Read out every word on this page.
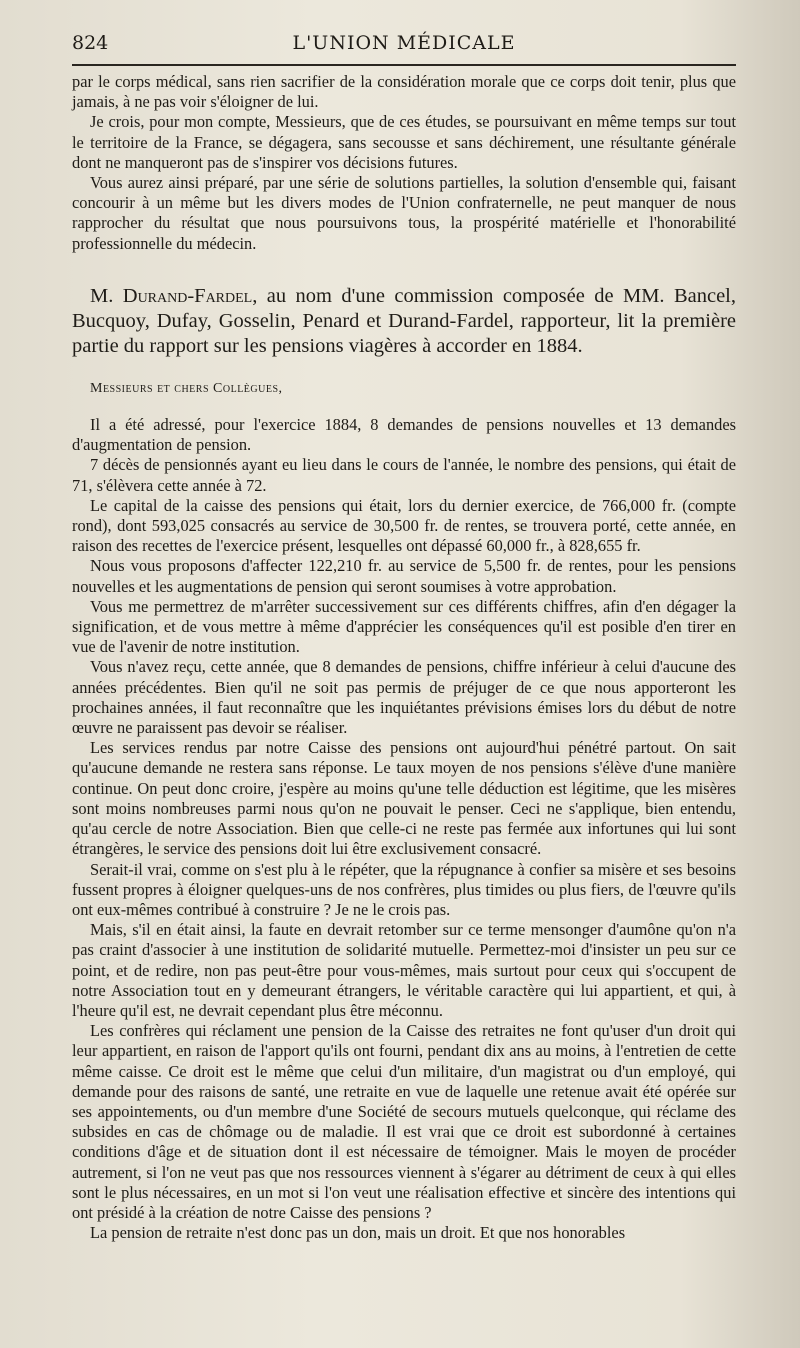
824	L'UNION MÉDICALE

par le corps médical, sans rien sacrifier de la considération morale que ce corps doit tenir, plus que jamais, à ne pas voir s'éloigner de lui.

Je crois, pour mon compte, Messieurs, que de ces études, se poursuivant en même temps sur tout le territoire de la France, se dégagera, sans secousse et sans déchirement, une résultante générale dont ne manqueront pas de s'inspirer vos décisions futures.

Vous aurez ainsi préparé, par une série de solutions partielles, la solution d'ensemble qui, faisant concourir à un même but les divers modes de l'Union confraternelle, ne peut manquer de nous rapprocher du résultat que nous poursuivons tous, la prospérité matérielle et l'honorabilité professionnelle du médecin.

M. Durand-Fardel, au nom d'une commission composée de MM. Bancel, Bucquoy, Dufay, Gosselin, Penard et Durand-Fardel, rapporteur, lit la première partie du rapport sur les pensions viagères à accorder en 1884.
Messieurs et chers Collègues,

Il a été adressé, pour l'exercice 1884, 8 demandes de pensions nouvelles et 13 demandes d'augmentation de pension.

7 décès de pensionnés ayant eu lieu dans le cours de l'année, le nombre des pensions, qui était de 71, s'élèvera cette année à 72.

Le capital de la caisse des pensions qui était, lors du dernier exercice, de 766,000 fr. (compte rond), dont 593,025 consacrés au service de 30,500 fr. de rentes, se trouvera porté, cette année, en raison des recettes de l'exercice présent, lesquelles ont dépassé 60,000 fr., à 828,655 fr.

Nous vous proposons d'affecter 122,210 fr. au service de 5,500 fr. de rentes, pour les pensions nouvelles et les augmentations de pension qui seront soumises à votre approbation.

Vous me permettrez de m'arrêter successivement sur ces différents chiffres, afin d'en dégager la signification, et de vous mettre à même d'apprécier les conséquences qu'il est posible d'en tirer en vue de l'avenir de notre institution.

Vous n'avez reçu, cette année, que 8 demandes de pensions, chiffre inférieur à celui d'aucune des années précédentes. Bien qu'il ne soit pas permis de préjuger de ce que nous apporteront les prochaines années, il faut reconnaître que les inquiétantes prévisions émises lors du début de notre œuvre ne paraissent pas devoir se réaliser.

Les services rendus par notre Caisse des pensions ont aujourd'hui pénétré partout. On sait qu'aucune demande ne restera sans réponse. Le taux moyen de nos pensions s'élève d'une manière continue. On peut donc croire, j'espère au moins qu'une telle déduction est légitime, que les misères sont moins nombreuses parmi nous qu'on ne pouvait le penser. Ceci ne s'applique, bien entendu, qu'au cercle de notre Association. Bien que celle-ci ne reste pas fermée aux infortunes qui lui sont étrangères, le service des pensions doit lui être exclusivement consacré.

Serait-il vrai, comme on s'est plu à le répéter, que la répugnance à confier sa misère et ses besoins fussent propres à éloigner quelques-uns de nos confrères, plus timides ou plus fiers, de l'œuvre qu'ils ont eux-mêmes contribué à construire ? Je ne le crois pas.

Mais, s'il en était ainsi, la faute en devrait retomber sur ce terme mensonger d'aumône qu'on n'a pas craint d'associer à une institution de solidarité mutuelle. Permettez-moi d'insister un peu sur ce point, et de redire, non pas peut-être pour vous-mêmes, mais surtout pour ceux qui s'occupent de notre Association tout en y demeurant étrangers, le véritable caractère qui lui appartient, et qui, à l'heure qu'il est, ne devrait cependant plus être méconnu.

Les confrères qui réclament une pension de la Caisse des retraites ne font qu'user d'un droit qui leur appartient, en raison de l'apport qu'ils ont fourni, pendant dix ans au moins, à l'entretien de cette même caisse. Ce droit est le même que celui d'un militaire, d'un magistrat ou d'un employé, qui demande pour des raisons de santé, une retraite en vue de laquelle une retenue avait été opérée sur ses appointements, ou d'un membre d'une Société de secours mutuels quelconque, qui réclame des subsides en cas de chômage ou de maladie. Il est vrai que ce droit est subordonné à certaines conditions d'âge et de situation dont il est nécessaire de témoigner. Mais le moyen de procéder autrement, si l'on ne veut pas que nos ressources viennent à s'égarer au détriment de ceux à qui elles sont le plus nécessaires, en un mot si l'on veut une réalisation effective et sincère des intentions qui ont présidé à la création de notre Caisse des pensions ?

La pension de retraite n'est donc pas un don, mais un droit. Et que nos honorables
